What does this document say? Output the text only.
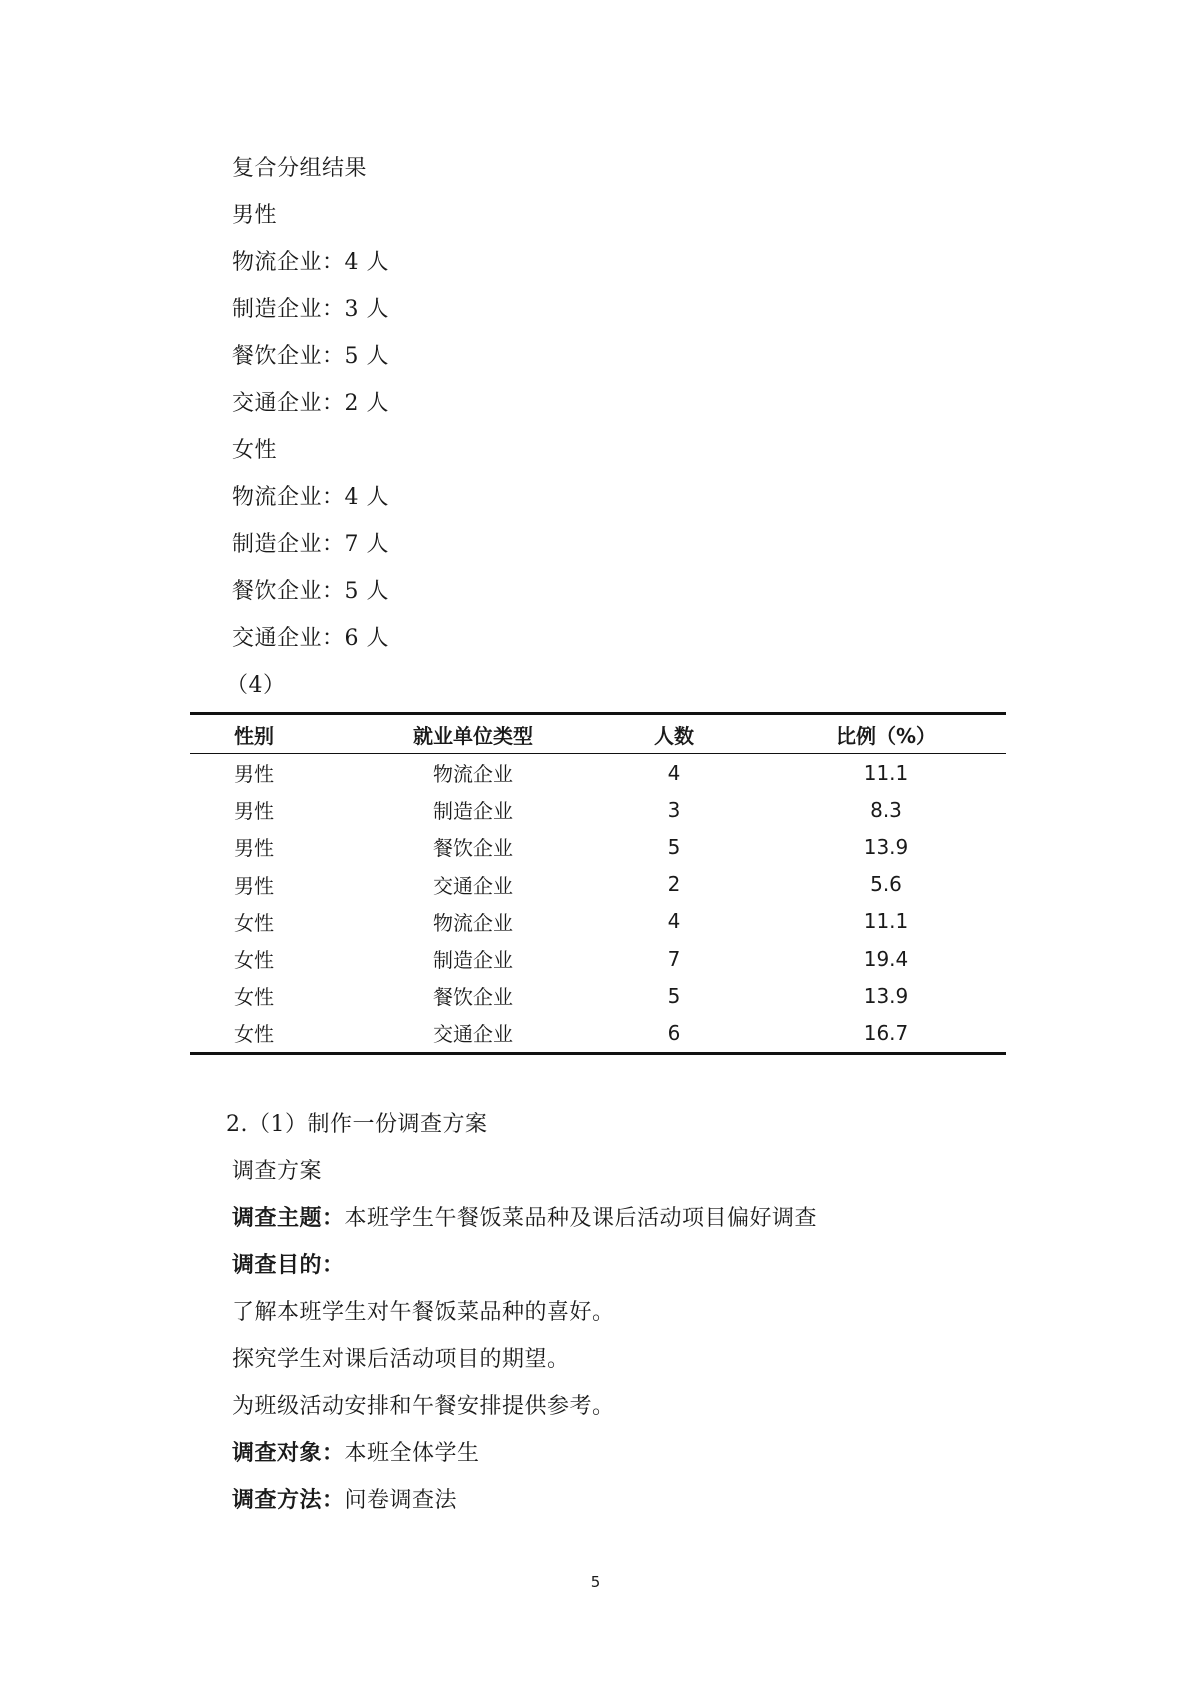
复合分组结果
男性
物流企业：4 人
制造企业：3 人
餐饮企业：5 人
交通企业：2 人
女性
物流企业：4 人
制造企业：7 人
餐饮企业：5 人
交通企业：6 人
（4）
性别	就业单位类型	人数	比例（%）
男性	物流企业	4	11.1
男性	制造企业	3	8.3
男性	餐饮企业	5	13.9
男性	交通企业	2	5.6
女性	物流企业	4	11.1
女性	制造企业	7	19.4
女性	餐饮企业	5	13.9
女性	交通企业	6	16.7
2.（1）制作一份调查方案
调查方案
调查主题：本班学生午餐饭菜品种及课后活动项目偏好调查
调查目的：
了解本班学生对午餐饭菜品种的喜好。
探究学生对课后活动项目的期望。
为班级活动安排和午餐安排提供参考。
调查对象：本班全体学生
调查方法：问卷调查法
5
